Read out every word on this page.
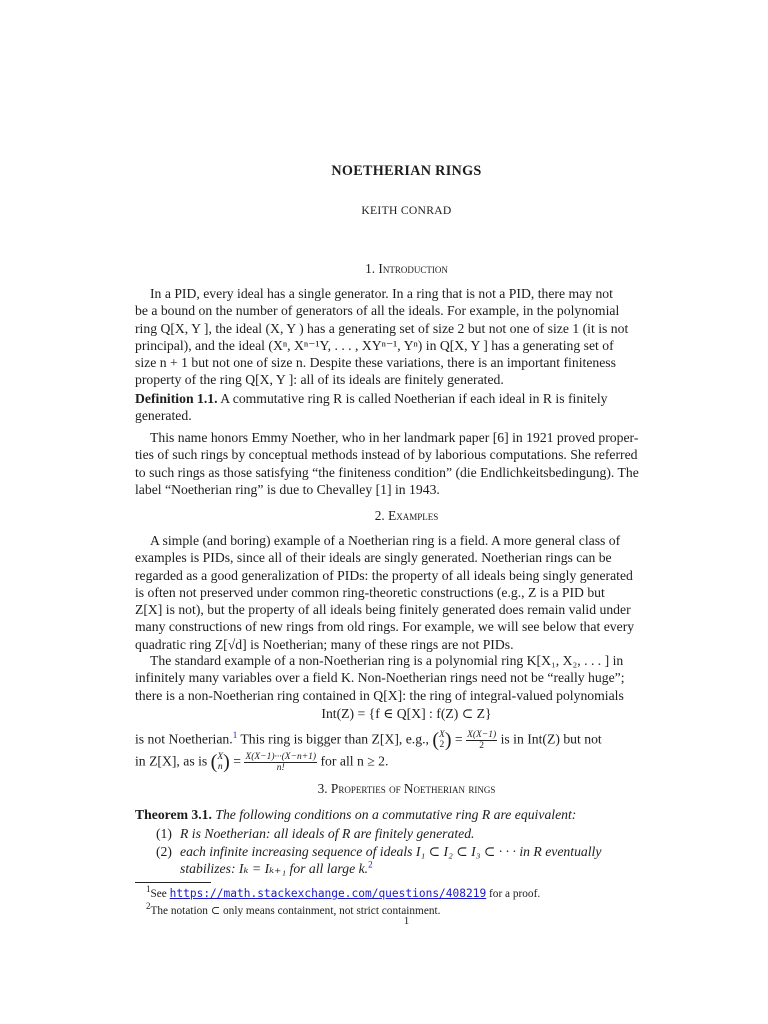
NOETHERIAN RINGS
KEITH CONRAD
1. Introduction
In a PID, every ideal has a single generator. In a ring that is not a PID, there may not
be a bound on the number of generators of all the ideals. For example, in the polynomial
ring Q[X, Y ], the ideal (X, Y ) has a generating set of size 2 but not one of size 1 (it is not
principal), and the ideal (Xⁿ, Xⁿ⁻¹Y, . . . , XYⁿ⁻¹, Yⁿ) in Q[X, Y ] has a generating set of
size n + 1 but not one of size n. Despite these variations, there is an important finiteness
property of the ring Q[X, Y ]: all of its ideals are finitely generated.
Definition 1.1. A commutative ring R is called Noetherian if each ideal in R is finitely
generated.
This name honors Emmy Noether, who in her landmark paper [6] in 1921 proved proper-
ties of such rings by conceptual methods instead of by laborious computations. She referred
to such rings as those satisfying “the finiteness condition” (die Endlichkeitsbedingung). The
label “Noetherian ring” is due to Chevalley [1] in 1943.
2. Examples
A simple (and boring) example of a Noetherian ring is a field. A more general class of
examples is PIDs, since all of their ideals are singly generated. Noetherian rings can be
regarded as a good generalization of PIDs: the property of all ideals being singly generated
is often not preserved under common ring-theoretic constructions (e.g., Z is a PID but
Z[X] is not), but the property of all ideals being finitely generated does remain valid under
many constructions of new rings from old rings. For example, we will see below that every
quadratic ring Z[√d] is Noetherian; many of these rings are not PIDs.
The standard example of a non-Noetherian ring is a polynomial ring K[X₁, X₂, . . . ] in
infinitely many variables over a field K. Non-Noetherian rings need not be “really huge”;
there is a non-Noetherian ring contained in Q[X]: the ring of integral-valued polynomials
Int(Z) = {f ∈ Q[X] : f(Z) ⊂ Z}
is not Noetherian.$^1$ This ring is bigger than Z[X], e.g., (X
$2) = \frac{X(X-1)}{2}$ is in Int(Z) but not
in Z[X], as is (X
$n) = \frac{X(X-1)\cdot\cdot\cdot(X-n+1)}{n!}$ for all n ≥ 2.
3. Properties of Noetherian rings
Theorem 3.1. The following conditions on a commutative ring R are equivalent:
(1) R is Noetherian: all ideals of R are finitely generated.
(2) each infinite increasing sequence of ideals I₁ ⊂ I₂ ⊂ I₃ ⊂ · · · in R eventually
stabilizes: Iₖ = Iₖ₊₁ for all large k.$^2$
$^1$See https://math.stackexchange.com/questions/408219 for a proof.
$^2$The notation ⊂ only means containment, not strict containment.
1
